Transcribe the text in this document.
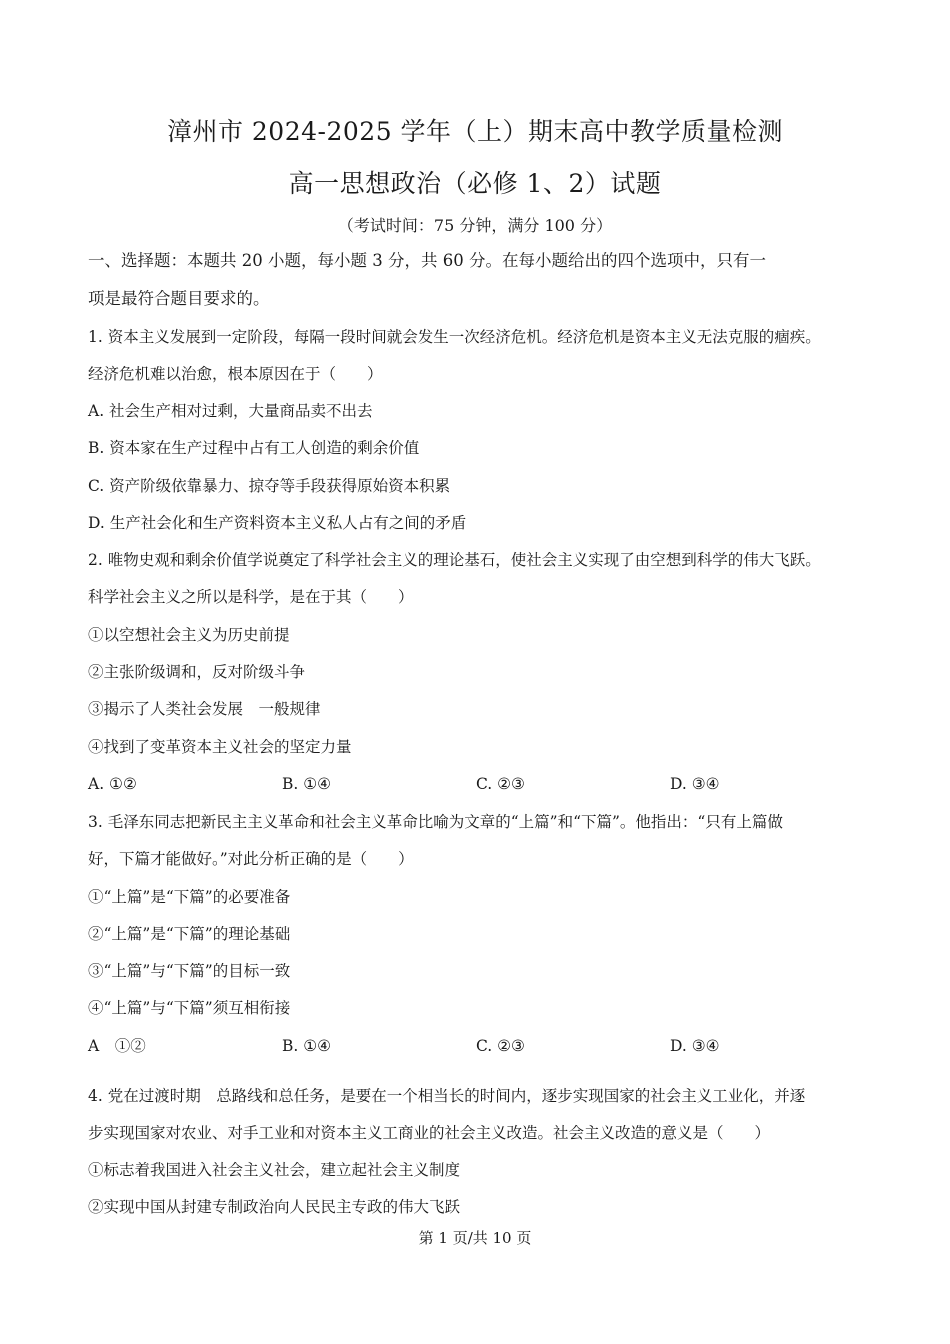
漳州市 2024-2025 学年（上）期末高中教学质量检测
高一思想政治（必修 1、2）试题
（考试时间：75 分钟，满分 100 分）
一、选择题：本题共 20 小题，每小题 3 分，共 60 分。在每小题给出的四个选项中，只有一
项是最符合题目要求的。
1. 资本主义发展到一定阶段，每隔一段时间就会发生一次经济危机。经济危机是资本主义无法克服的痼疾。
经济危机难以治愈，根本原因在于（　　）
A. 社会生产相对过剩，大量商品卖不出去
B. 资本家在生产过程中占有工人创造的剩余价值
C. 资产阶级依靠暴力、掠夺等手段获得原始资本积累
D. 生产社会化和生产资料资本主义私人占有之间的矛盾
2. 唯物史观和剩余价值学说奠定了科学社会主义的理论基石，使社会主义实现了由空想到科学的伟大飞跃。
科学社会主义之所以是科学，是在于其（　　）
①以空想社会主义为历史前提
②主张阶级调和，反对阶级斗争
③揭示了人类社会发展　一般规律
④找到了变革资本主义社会的坚定力量
A. ①②	B. ①④	C. ②③	D. ③④
3. 毛泽东同志把新民主主义革命和社会主义革命比喻为文章的“上篇”和“下篇”。他指出：“只有上篇做
好，下篇才能做好。”对此分析正确的是（　　）
①“上篇”是“下篇”的必要准备
②“上篇”是“下篇”的理论基础
③“上篇”与“下篇”的目标一致
④“上篇”与“下篇”须互相衔接
A　①②	B. ①④	C. ②③	D. ③④
4. 党在过渡时期　总路线和总任务，是要在一个相当长的时间内，逐步实现国家的社会主义工业化，并逐
步实现国家对农业、对手工业和对资本主义工商业的社会主义改造。社会主义改造的意义是（　　）
①标志着我国进入社会主义社会，建立起社会主义制度
②实现中国从封建专制政治向人民民主专政的伟大飞跃
第 1 页/共 10 页
